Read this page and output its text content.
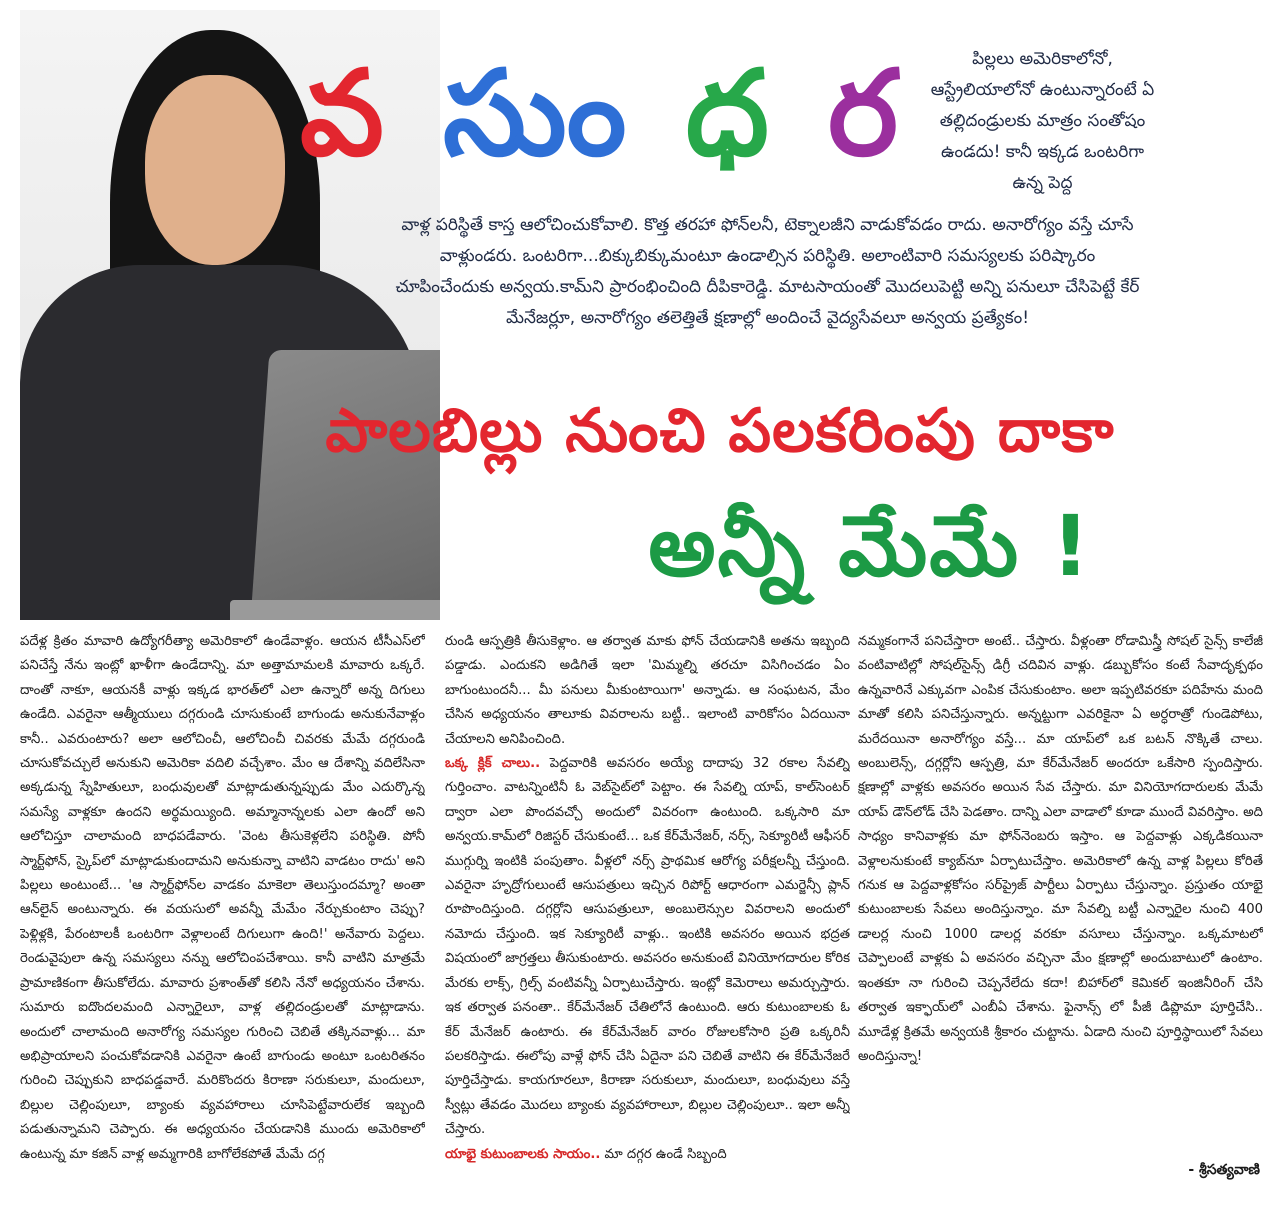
వ సుం ధ ర	పిల్లలు అమెరికాలోనో, ఆస్ట్రేలియాలోనో ఉంటున్నారంటే ఏ తల్లిదండ్రులకు మాత్రం సంతోషం ఉండదు! కానీ ఇక్కడ ఒంటరిగా ఉన్న పెద్ద
వాళ్ల పరిస్థితే కాస్త ఆలోచించుకోవాలి. కొత్త తరహా ఫోన్‌లనీ, టెక్నాలజీని వాడుకోవడం రాదు. అనారోగ్యం వస్తే చూసే వాళ్లుండరు. ఒంటరిగా...బిక్కుబిక్కుమంటూ ఉండాల్సిన పరిస్థితి. అలాంటివారి సమస్యలకు పరిష్కారం చూపించేందుకు అన్వయ.కామ్‌ని ప్రారంభించింది దీపికారెడ్డి. మాటసాయంతో మొదలుపెట్టి అన్ని పనులూ చేసిపెట్టే కేర్ మేనేజర్లూ, అనారోగ్యం తలెత్తితే క్షణాల్లో అందించే వైద్యసేవలూ అన్వయ ప్రత్యేకం!
పాలబిల్లు నుంచి పలకరింపు దాకా
అన్నీ మేమే !

పదేళ్ల క్రితం మావారి ఉద్యోగరీత్యా అమెరికాలో ఉండేవాళ్లం. ఆయన టీసీఎస్‌లో పనిచేస్తే నేను ఇంట్లో ఖాళీగా ఉండేదాన్ని. మా అత్తామామలకి మావారు ఒక్కరే. దాంతో నాకూ, ఆయనకీ వాళ్లు ఇక్కడ భారత్‌లో ఎలా ఉన్నారో అన్న దిగులు ఉండేది. ఎవరైనా ఆత్మీయులు దగ్గరుండి చూసుకుంటే బాగుండు అనుకునేవాళ్లం కానీ.. ఎవరుంటారు? అలా ఆలోచించీ, ఆలోచించీ చివరకు మేమే దగ్గరుండి చూసుకోవచ్చులే అనుకుని అమెరికా వదిలి వచ్చేశాం. మేం ఆ దేశాన్ని వదిలేసినా అక్కడున్న స్నేహితులూ, బంధువులతో మాట్లాడుతున్నప్పుడు మేం ఎదుర్కొన్న సమస్యే వాళ్లకూ ఉందని అర్థమయ్యింది. అమ్మానాన్నలకు ఎలా ఉందో అని ఆలోచిస్తూ చాలామంది బాధపడేవారు. 'వెంట తీసుకెళ్లలేని పరిస్థితి. పోనీ స్మార్ట్‌ఫోన్, స్కైప్‌లో మాట్లాడుకుందామని అనుకున్నా వాటిని వాడటం రాదు' అని పిల్లలు అంటుంటే... 'ఆ స్మార్ట్‌ఫోన్‌ల వాడకం మాకెలా తెలుస్తుందమ్మా? అంతా ఆన్‌లైన్ అంటున్నారు. ఈ వయసులో అవన్నీ మేమేం నేర్చుకుంటాం చెప్పు? పెళ్లిళ్లకి, పేరంటాలకీ ఒంటరిగా వెళ్లాలంటే దిగులుగా ఉంది!' అనేవారు పెద్దలు. రెండువైపులా ఉన్న సమస్యలు నన్ను ఆలోచింపచేశాయి. కానీ వాటిని మాత్రమే ప్రామాణికంగా తీసుకోలేదు. మావారు ప్రశాంత్‌తో కలిసి నేనో అధ్యయనం చేశాను. సుమారు ఐదొందలమంది ఎన్నారైలూ, వాళ్ల తల్లిదండ్రులతో మాట్లాడాను. అందులో చాలామంది అనారోగ్య సమస్యల గురించి చెబితే తక్కినవాళ్లు... మా అభిప్రాయాలని పంచుకోవడానికి ఎవరైనా ఉంటే బాగుండు అంటూ ఒంటరితనం గురించి చెప్పుకుని బాధపడ్డవారే. మరికొందరు కిరాణా సరుకులూ, మందులూ, బిల్లుల చెల్లింపులూ, బ్యాంకు వ్యవహారాలు చూసిపెట్టేవారులేక ఇబ్బంది పడుతున్నామని చెప్పారు. ఈ అధ్యయనం చేయడానికి ముందు అమెరికాలో ఉంటున్న మా కజిన్ వాళ్ల అమ్మగారికి బాగోలేకపోతే మేమే దగ్గ

రుండి ఆస్పత్రికి తీసుకెళ్లాం. ఆ తర్వాత మాకు ఫోన్ చేయడానికి అతను ఇబ్బంది పడ్డాడు. ఎందుకని అడిగితే ఇలా 'మిమ్మల్ని తరచూ విసిగించడం ఏం బాగుంటుందనీ... మీ పనులు మీకుంటాయిగా' అన్నాడు. ఆ సంఘటన, మేం చేసిన అధ్యయనం తాలూకు వివరాలను బట్టీ.. ఇలాంటి వారికోసం ఏదయినా చేయాలని అనిపించింది.

ఒక్క క్లిక్ చాలు.. పెద్దవారికి అవసరం అయ్యే దాదాపు 32 రకాల సేవల్ని గుర్తించాం. వాటన్నింటినీ ఓ వెబ్‌సైట్‌లో పెట్టాం. ఈ సేవల్ని యాప్, కాల్‌సెంటర్ ద్వారా ఎలా పొందవచ్చో అందులో వివరంగా ఉంటుంది. ఒక్కసారి మా అన్వయ.కామ్‌లో రిజిస్టర్ చేసుకుంటే... ఒక కేర్‌మేనేజర్, నర్స్, సెక్యూరిటీ ఆఫీసర్ ముగ్గుర్ని ఇంటికి పంపుతాం. వీళ్లలో నర్స్ ప్రాథమిక ఆరోగ్య పరీక్షలన్నీ చేస్తుంది. ఎవరైనా హృద్రోగులుంటే ఆసుపత్రులు ఇచ్చిన రిపోర్ట్ ఆధారంగా ఎమర్జెన్సీ ప్లాన్ రూపొందిస్తుంది. దగ్గర్లోని ఆసుపత్రులూ, అంబులెన్సుల వివరాలని అందులో నమోదు చేస్తుంది. ఇక సెక్యూరిటీ వాళ్లు.. ఇంటికి అవసరం అయిన భద్రత విషయంలో జాగ్రత్తలు తీసుకుంటారు. అవసరం అనుకుంటే వినియోగదారుల కోరిక మేరకు లాక్స్, గ్రిల్స్ వంటివన్నీ ఏర్పాటుచేస్తారు. ఇంట్లో కెమెరాలు అమర్చుస్తారు. ఇక తర్వాత పనంతా.. కేర్‌మేనేజర్ చేతిలోనే ఉంటుంది. ఆరు కుటుంబాలకు ఓ కేర్ మేనేజర్ ఉంటారు. ఈ కేర్‌మేనేజర్ వారం రోజులకోసారి ప్రతి ఒక్కరినీ పలకరిస్తాడు. ఈలోపు వాళ్లే ఫోన్ చేసి ఏదైనా పని చెబితే వాటిని ఈ కేర్‌మేనేజరే పూర్తిచేస్తాడు. కాయగూరలూ, కిరాణా సరుకులూ, మందులూ, బంధువులు వస్తే స్వీట్లు తేవడం మొదలు బ్యాంకు వ్యవహారాలూ, బిల్లుల చెల్లింపులూ.. ఇలా అన్నీ చేస్తారు.

యాభై కుటుంబాలకు సాయం.. మా దగ్గర ఉండే సిబ్బంది

నమ్మకంగానే పనిచేస్తారా అంటే.. చేస్తారు. వీళ్లంతా రోడామిస్త్రీ సోషల్ సైన్స్ కాలేజీ వంటివాటిల్లో సోషల్‌సైన్స్ డిగ్రీ చదివిన వాళ్లు. డబ్బుకోసం కంటే సేవాదృక్పథం ఉన్నవారినే ఎక్కువగా ఎంపిక చేసుకుంటాం. అలా ఇప్పటివరకూ పదిహేను మంది మాతో కలిసి పనిచేస్తున్నారు. అన్నట్టుగా ఎవరికైనా ఏ అర్ధరాత్రో గుండెపోటు, మరేదయినా అనారోగ్యం వస్తే... మా యాప్‌లో ఒక బటన్ నొక్కితే చాలు. అంబులెన్స్, దగ్గర్లోని ఆస్పత్రి, మా కేర్‌మేనేజర్ అందరూ ఒకేసారి స్పందిస్తారు. క్షణాల్లో వాళ్లకు అవసరం అయిన సేవ చేస్తారు. మా వినియోగదారులకు మేమే యాప్ డౌన్‌లోడ్ చేసి పెడతాం. దాన్ని ఎలా వాడాలో కూడా ముందే వివరిస్తాం. అది సాధ్యం కానివాళ్లకు మా ఫోన్‌నెంబరు ఇస్తాం. ఆ పెద్దవాళ్లు ఎక్కడికయినా వెళ్లాలనుకుంటే క్యాబ్‌నూ ఏర్పాటుచేస్తాం. అమెరికాలో ఉన్న వాళ్ల పిల్లలు కోరితే గనుక ఆ పెద్దవాళ్లకోసం సర్‌ప్రైజ్ పార్టీలు ఏర్పాటు చేస్తున్నాం. ప్రస్తుతం యాభై కుటుంబాలకు సేవలు అందిస్తున్నాం. మా సేవల్ని బట్టీ ఎన్నారైల నుంచి 400 డాలర్ల నుంచి 1000 డాలర్ల వరకూ వసూలు చేస్తున్నాం. ఒక్కమాటలో చెప్పాలంటే వాళ్లకు ఏ అవసరం వచ్చినా మేం క్షణాల్లో అందుబాటులో ఉంటాం. ఇంతకూ నా గురించి చెప్పనేలేదు కదా! బిహార్‌లో కెమికల్ ఇంజినీరింగ్ చేసి తర్వాత ఇక్ఫాయ్‌లో ఎంబీఏ చేశాను. ఫైనాన్స్ లో పీజీ డిప్లొమా పూర్తిచేసి.. మూడేళ్ల క్రితమే అన్వయకి శ్రీకారం చుట్టాను. ఏడాది నుంచి పూర్తిస్థాయిలో సేవలు అందిస్తున్నా!

- శ్రీసత్యవాణి
